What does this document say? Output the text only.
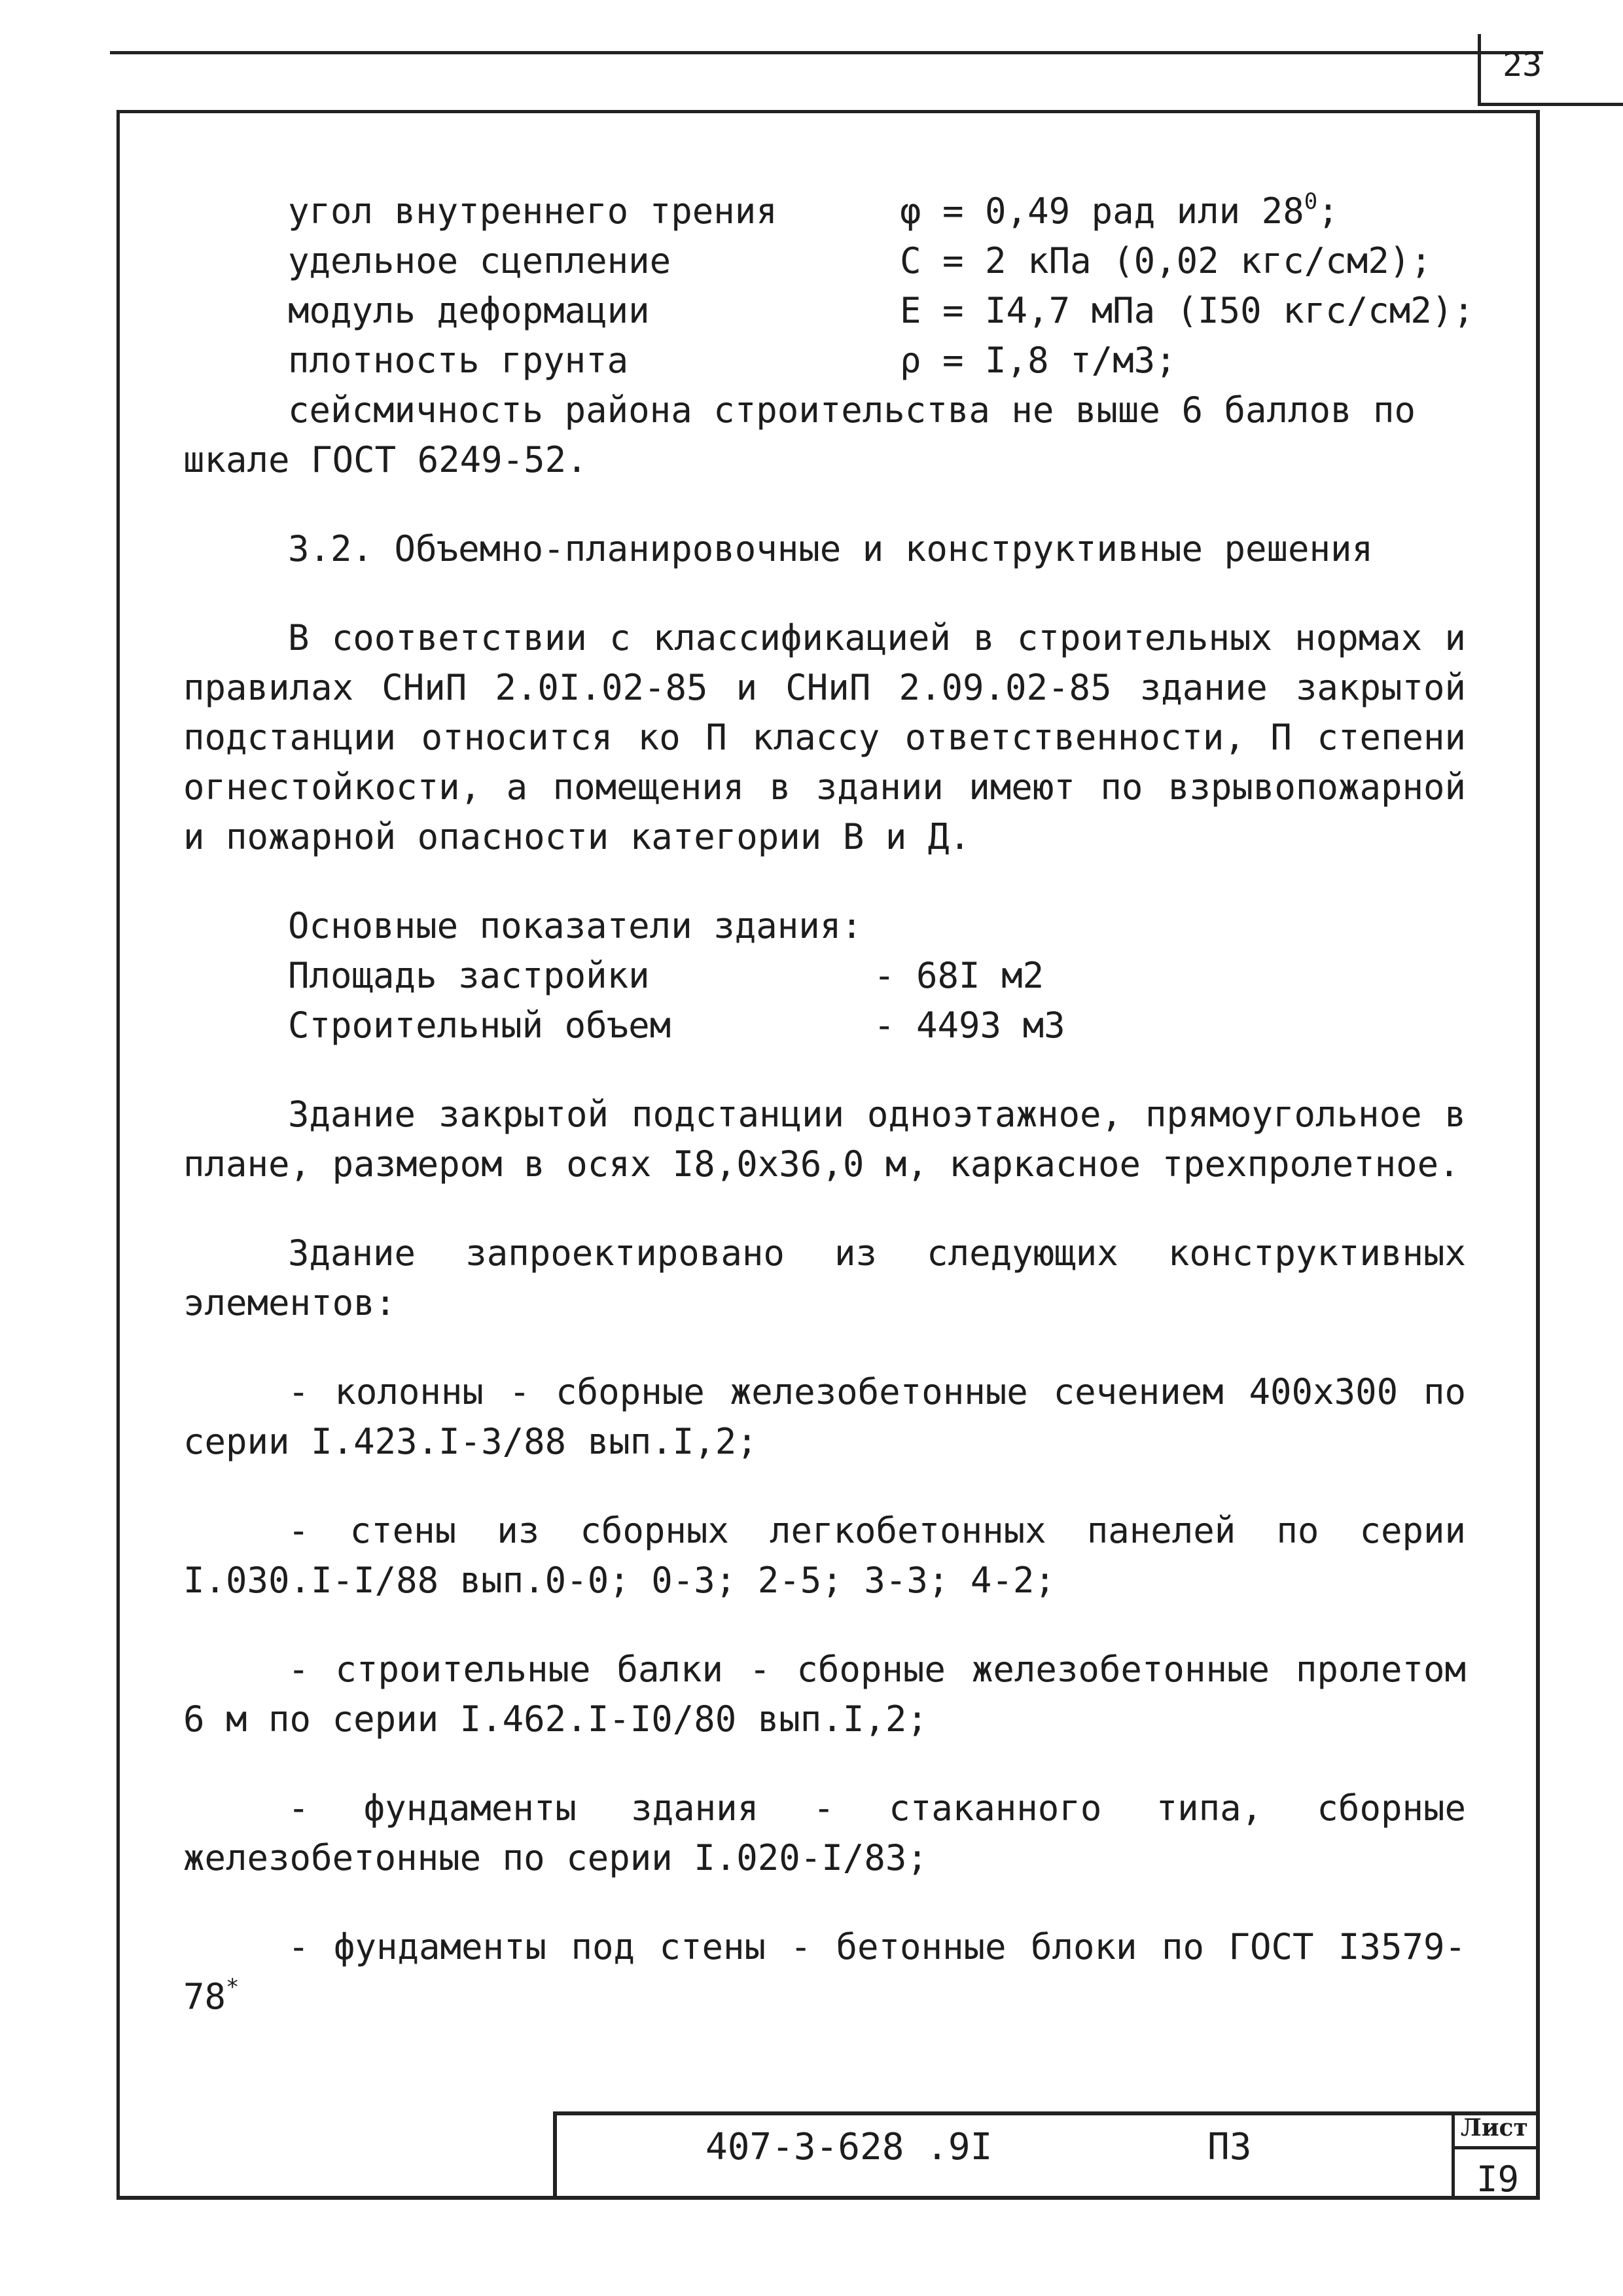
23
угол внутреннего трения	φ = 0,49 рад или $28^0$;
удельное сцепление	С = 2 кПа (0,02 кгс/см2);
модуль деформации	Е = I4,7 мПа (I50 кгс/см2);
плотность грунта	ρ = I,8 т/м3;
сейсмичность района строительства не выше 6 баллов по
шкале ГОСТ 6249-52.
3.2. Объемно-планировочные и конструктивные решения

В соответствии с классификацией в строительных нормах и правилах СНиП 2.0I.02-85 и СНиП 2.09.02-85 здание закрытой подстанции относится ко П классу ответственности, П степени огнестойкости, а помещения в здании имеют по взрывопожарной и пожарной опасности категории В и Д.

Основные показатели здания:
Площадь застройки	- 68I м2
Строительный объем	- 4493 м3

Здание закрытой подстанции одноэтажное, прямоугольное в плане, размером в осях I8,0х36,0 м, каркасное трехпролетное.

Здание запроектировано из следующих конструктивных элементов:

- колонны - сборные железобетонные сечением 400х300 по серии I.423.I-3/88 вып.I,2;

- стены из сборных легкобетонных панелей по серии I.030.I-I/88 вып.0-0; 0-3; 2-5; 3-3; 4-2;

- строительные балки - сборные железобетонные пролетом 6 м по серии I.462.I-I0/80 вып.I,2;

- фундаменты здания - стаканного типа, сборные железобетонные по серии I.020-I/83;

- фундаменты под стены - бетонные блоки по ГОСТ I3579-78*

407-3-628 .9I	ПЗ	Лист
I9
